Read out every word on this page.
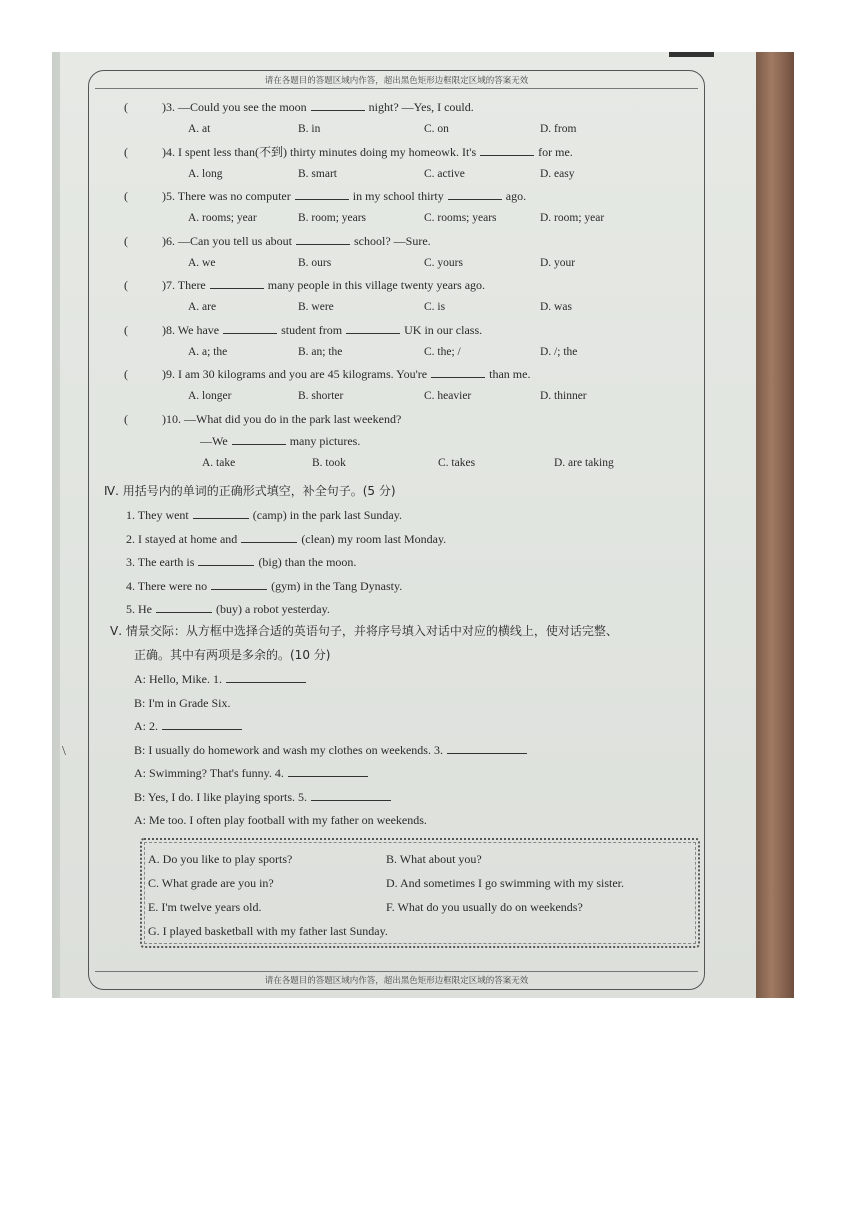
请在各题目的答题区域内作答，超出黑色矩形边框限定区域的答案无效
请在各题目的答题区域内作答，超出黑色矩形边框限定区域的答案无效
\
(	)3. —Could you see the moon	night? —Yes, I could.
A. at	B. in	C. on	D. from
(	)4. I spent less than(不到) thirty minutes doing my homeowk. It's	for me.
A. long	B. smart	C. active	D. easy
(	)5. There was no computer	in my school thirty	ago.
A. rooms; year	B. room; years	C. rooms; years	D. room; year
(	)6. —Can you tell us about	school? —Sure.
A. we	B. ours	C. yours	D. your
(	)7. There	many people in this village twenty years ago.
A. are	B. were	C. is	D. was
(	)8. We have	student from	UK in our class.
A. a; the	B. an; the	C. the; /	D. /; the
(	)9. I am 30 kilograms and you are 45 kilograms. You're	than me.
A. longer	B. shorter	C. heavier	D. thinner
(	)10. —What did you do in the park last weekend?
—We	many pictures.
A. take	B. took	C. takes	D. are taking
Ⅳ. 用括号内的单词的正确形式填空，补全句子。(5 分)
1. They went	(camp) in the park last Sunday.
2. I stayed at home and	(clean) my room last Monday.
3. The earth is	(big) than the moon.
4. There were no	(gym) in the Tang Dynasty.
5. He	(buy) a robot yesterday.
Ⅴ. 情景交际：从方框中选择合适的英语句子，并将序号填入对话中对应的横线上，使对话完整、
正确。其中有两项是多余的。(10 分)
A: Hello, Mike. 1.
B: I'm in Grade Six.
A: 2.
B: I usually do homework and wash my clothes on weekends. 3.
A: Swimming? That's funny. 4.
B: Yes, I do. I like playing sports. 5.
A: Me too. I often play football with my father on weekends.
A. Do you like to play sports?	B. What about you?
C. What grade are you in?	D. And sometimes I go swimming with my sister.
E. I'm twelve years old.	F. What do you usually do on weekends?
G. I played basketball with my father last Sunday.
